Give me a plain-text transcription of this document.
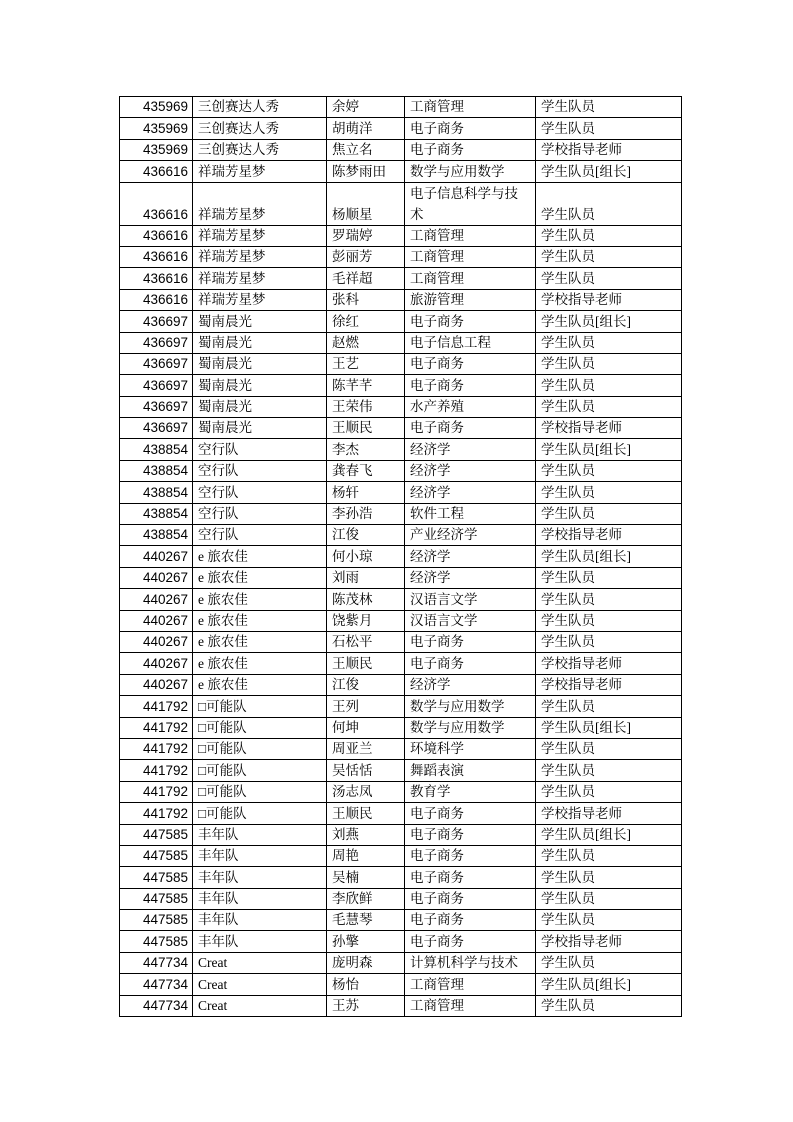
435969	三创赛达人秀	余婷	工商管理	学生队员
435969	三创赛达人秀	胡萌洋	电子商务	学生队员
435969	三创赛达人秀	焦立名	电子商务	学校指导老师
436616	祥瑞芳星梦	陈梦雨田	数学与应用数学	学生队员[组长]
436616	祥瑞芳星梦	杨顺星	电子信息科学与技术	学生队员
436616	祥瑞芳星梦	罗瑞婷	工商管理	学生队员
436616	祥瑞芳星梦	彭丽芳	工商管理	学生队员
436616	祥瑞芳星梦	毛祥超	工商管理	学生队员
436616	祥瑞芳星梦	张科	旅游管理	学校指导老师
436697	蜀南晨光	徐红	电子商务	学生队员[组长]
436697	蜀南晨光	赵燃	电子信息工程	学生队员
436697	蜀南晨光	王艺	电子商务	学生队员
436697	蜀南晨光	陈芊芊	电子商务	学生队员
436697	蜀南晨光	王荣伟	水产养殖	学生队员
436697	蜀南晨光	王顺民	电子商务	学校指导老师
438854	空行队	李杰	经济学	学生队员[组长]
438854	空行队	龚春飞	经济学	学生队员
438854	空行队	杨轩	经济学	学生队员
438854	空行队	李孙浩	软件工程	学生队员
438854	空行队	江俊	产业经济学	学校指导老师
440267	e 旅农佳	何小琼	经济学	学生队员[组长]
440267	e 旅农佳	刘雨	经济学	学生队员
440267	e 旅农佳	陈茂林	汉语言文学	学生队员
440267	e 旅农佳	饶紫月	汉语言文学	学生队员
440267	e 旅农佳	石松平	电子商务	学生队员
440267	e 旅农佳	王顺民	电子商务	学校指导老师
440267	e 旅农佳	江俊	经济学	学校指导老师
441792	□可能队	王列	数学与应用数学	学生队员
441792	□可能队	何坤	数学与应用数学	学生队员[组长]
441792	□可能队	周亚兰	环境科学	学生队员
441792	□可能队	吴恬恬	舞蹈表演	学生队员
441792	□可能队	汤志凤	教育学	学生队员
441792	□可能队	王顺民	电子商务	学校指导老师
447585	丰年队	刘燕	电子商务	学生队员[组长]
447585	丰年队	周艳	电子商务	学生队员
447585	丰年队	吴楠	电子商务	学生队员
447585	丰年队	李欣鲜	电子商务	学生队员
447585	丰年队	毛慧琴	电子商务	学生队员
447585	丰年队	孙擎	电子商务	学校指导老师
447734	Creat	庞明森	计算机科学与技术	学生队员
447734	Creat	杨怡	工商管理	学生队员[组长]
447734	Creat	王苏	工商管理	学生队员
